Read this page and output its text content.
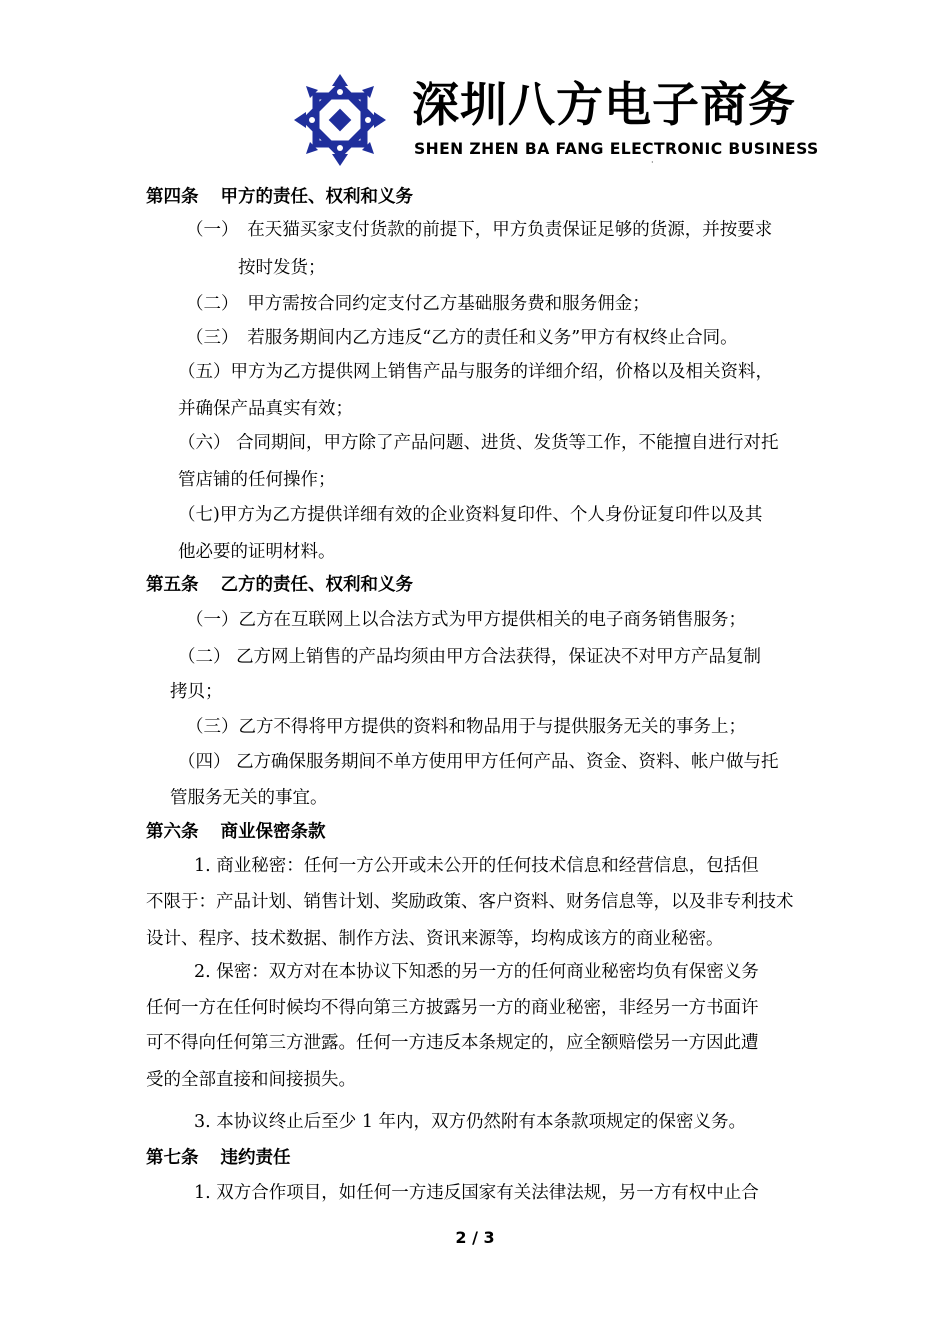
深圳八方电子商务
SHEN ZHEN BA FANG ELECTRONIC BUSINESS
·
第四条 甲方的责任、权利和义务
（一）　在天猫买家支付货款的前提下，甲方负责保证足够的货源，并按要求
按时发货；
（二）　甲方需按合同约定支付乙方基础服务费和服务佣金；
（三）　若服务期间内乙方违反“乙方的责任和义务”甲方有权终止合同。
（五）甲方为乙方提供网上销售产品与服务的详细介绍，价格以及相关资料，
并确保产品真实有效；
（六） 合同期间，甲方除了产品问题、进货、发货等工作，不能擅自进行对托
管店铺的任何操作；
（七)甲方为乙方提供详细有效的企业资料复印件、个人身份证复印件以及其
他必要的证明材料。
第五条 乙方的责任、权利和义务
（一）乙方在互联网上以合法方式为甲方提供相关的电子商务销售服务；
（二） 乙方网上销售的产品均须由甲方合法获得，保证决不对甲方产品复制
拷贝；
（三）乙方不得将甲方提供的资料和物品用于与提供服务无关的事务上；
（四） 乙方确保服务期间不单方使用甲方任何产品、资金、资料、帐户做与托
管服务无关的事宜。
第六条 商业保密条款
1. 商业秘密：任何一方公开或未公开的任何技术信息和经营信息，包括但
不限于：产品计划、销售计划、奖励政策、客户资料、财务信息等，以及非专利技术
设计、程序、技术数据、制作方法、资讯来源等，均构成该方的商业秘密。
2. 保密：双方对在本协议下知悉的另一方的任何商业秘密均负有保密义务
任何一方在任何时候均不得向第三方披露另一方的商业秘密，非经另一方书面许
可不得向任何第三方泄露。任何一方违反本条规定的，应全额赔偿另一方因此遭
受的全部直接和间接损失。
3. 本协议终止后至少 1 年内，双方仍然附有本条款项规定的保密义务。
第七条 违约责任
1. 双方合作项目，如任何一方违反国家有关法律法规，另一方有权中止合
2 / 3
